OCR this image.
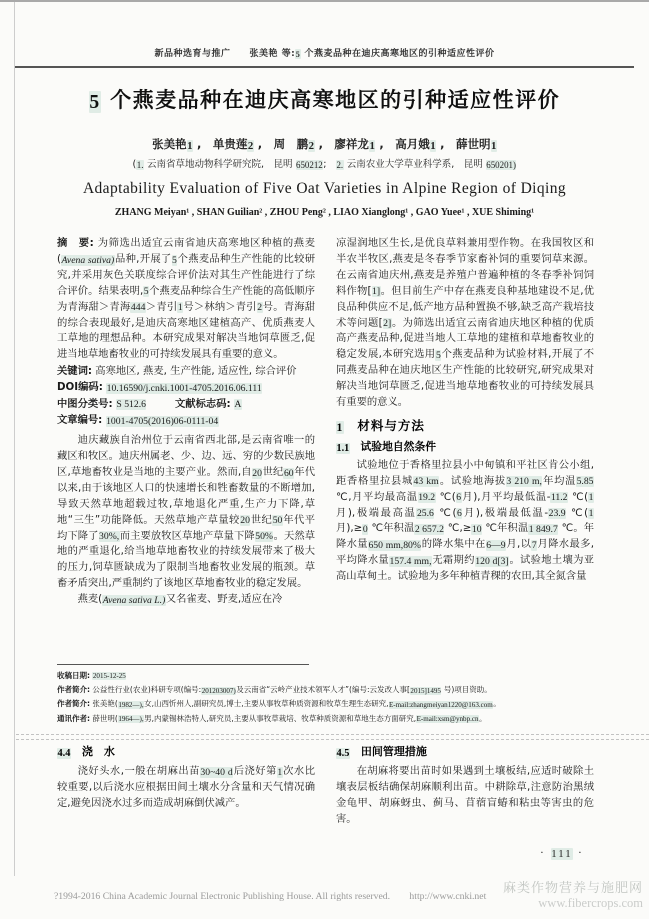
新品种选育与推广　　张美艳 等:5 个燕麦品种在迪庆高寒地区的引种适应性评价
5 个燕麦品种在迪庆高寒地区的引种适应性评价
张美艳1 ,　单贵莲2 ,　周　鹏2 ,　廖祥龙1 ,　高月娥1 ,　薛世明1
(1. 云南省草地动物科学研究院,　昆明 650212;　2. 云南农业大学草业科学系,　昆明 650201)
Adaptability Evaluation of Five Oat Varieties in Alpine Region of Diqing
ZHANG Meiyan¹ , SHAN Guilian² , ZHOU Peng² , LIAO Xianglong¹ , GAO Yuee¹ , XUE Shiming¹

摘　要: 为筛选出适宜云南省迪庆高寒地区种植的燕麦(Avena sativa)品种,开展了5个燕麦品种生产性能的比较研究,并采用灰色关联度综合评价法对其生产性能进行了综合评价。结果表明,5个燕麦品种综合生产性能的高低顺序为青海甜＞青海444＞青引1号＞林纳＞青引2号。青海甜的综合表现最好,是迪庆高寒地区建植高产、优质燕麦人工草地的理想品种。本研究成果对解决当地饲草匮乏,促进当地草地畜牧业的可持续发展具有重要的意义。

关键词: 高寒地区, 燕麦, 生产性能, 适应性, 综合评价

DOI编码: 10.16590/j.cnki.1001-4705.2016.06.111

中图分类号: S 512.6	文献标志码: A

文章编号: 1001-4705(2016)06-0111-04

迪庆藏族自治州位于云南省西北部,是云南省唯一的藏区和牧区。迪庆州属老、少、边、远、穷的少数民族地区,草地畜牧业是当地的主要产业。然而,自20世纪60年代以来,由于该地区人口的快速增长和牲畜数量的不断增加,导致天然草地超载过牧,草地退化严重,生产力下降,草地“三生”功能降低。天然草地产草量较20世纪50年代平均下降了30%,而主要放牧区草地产草量下降50%。天然草地的严重退化,给当地草地畜牧业的持续发展带来了极大的压力,饲草匮缺成为了限制当地畜牧业发展的瓶颈。草畜矛盾突出,严重制约了该地区草地畜牧业的稳定发展。

燕麦(Avena sativa L.)又名雀麦、野麦,适应在冷

凉湿润地区生长,是优良草料兼用型作物。在我国牧区和半农半牧区,燕麦是冬春季节家畜补饲的重要饲草来源。在云南省迪庆州,燕麦是养殖户普遍种植的冬春季补饲饲料作物[1]。但目前生产中存在燕麦良种基地建设不足,优良品种供应不足,低产地方品种置换不够,缺乏高产栽培技术等问题[2]。为筛选出适宜云南省迪庆地区种植的优质高产燕麦品种,促进当地人工草地的建植和草地畜牧业的稳定发展,本研究选用5个燕麦品种为试验材料,开展了不同燕麦品种在迪庆地区生产性能的比较研究,研究成果对解决当地饲草匮乏,促进当地草地畜牧业的可持续发展具有重要的意义。

1　材料与方法
1.1　试验地自然条件

试验地位于香格里拉县小中甸镇和平社区肯公小组,距香格里拉县城43 km。试验地海拔3 210 m,年均温5.85 ℃,月平均最高温19.2 ℃(6月),月平均最低温-11.2 ℃(1月),极端最高温25.6 ℃(6月),极端最低温-23.9 ℃(1月),≥0 ℃年积温2 657.2 ℃,≥10 ℃年积温1 849.7 ℃。年降水量650 mm,80%的降水集中在6—9月,以7月降水最多,平均降水量157.4 mm,无霜期约120 d[3]。试验地土壤为亚高山草甸土。试验地为多年种植青稞的农田,其全氮含量

收稿日期: 2015-12-25

作者简介: 公益性行业(农业)科研专项(编号:201203007)及云南省“云岭产业技术领军人才”(编号:云发改人事[2015]1495 号)项目资助。

作者简介: 张美艳(1982—),女,山西忻州人,副研究员,博士,主要从事牧草种质资源和牧草生理生态研究,E-mail:zhangmeiyan1220@163.com。

通讯作者: 薛世明(1964—),男,内蒙锡林浩特人,研究员,主要从事牧草栽培、牧草种质资源和草地生态方面研究,E-mail:xsm@ynbp.cn。

4.4　浇　水

浇好头水,一般在胡麻出苗30~40 d后浇好第1次水比较重要,以后浇水应根据田间土壤水分含量和天气情况确定,避免因浇水过多而造成胡麻倒伏减产。

4.5　田间管理措施

在胡麻将要出苗时如果遇到土壤板结,应适时破除土壤表层板结确保胡麻顺利出苗。中耕除草,注意防治黑绒金龟甲、胡麻蚜虫、蓟马、苜蓿盲蝽和粘虫等害虫的危害。

· 111 ·
?1994-2016 China Academic Journal Electronic Publishing House. All rights reserved.　　http://www.cnki.net
麻类作物营养与施肥网
www.fibercrops.com
